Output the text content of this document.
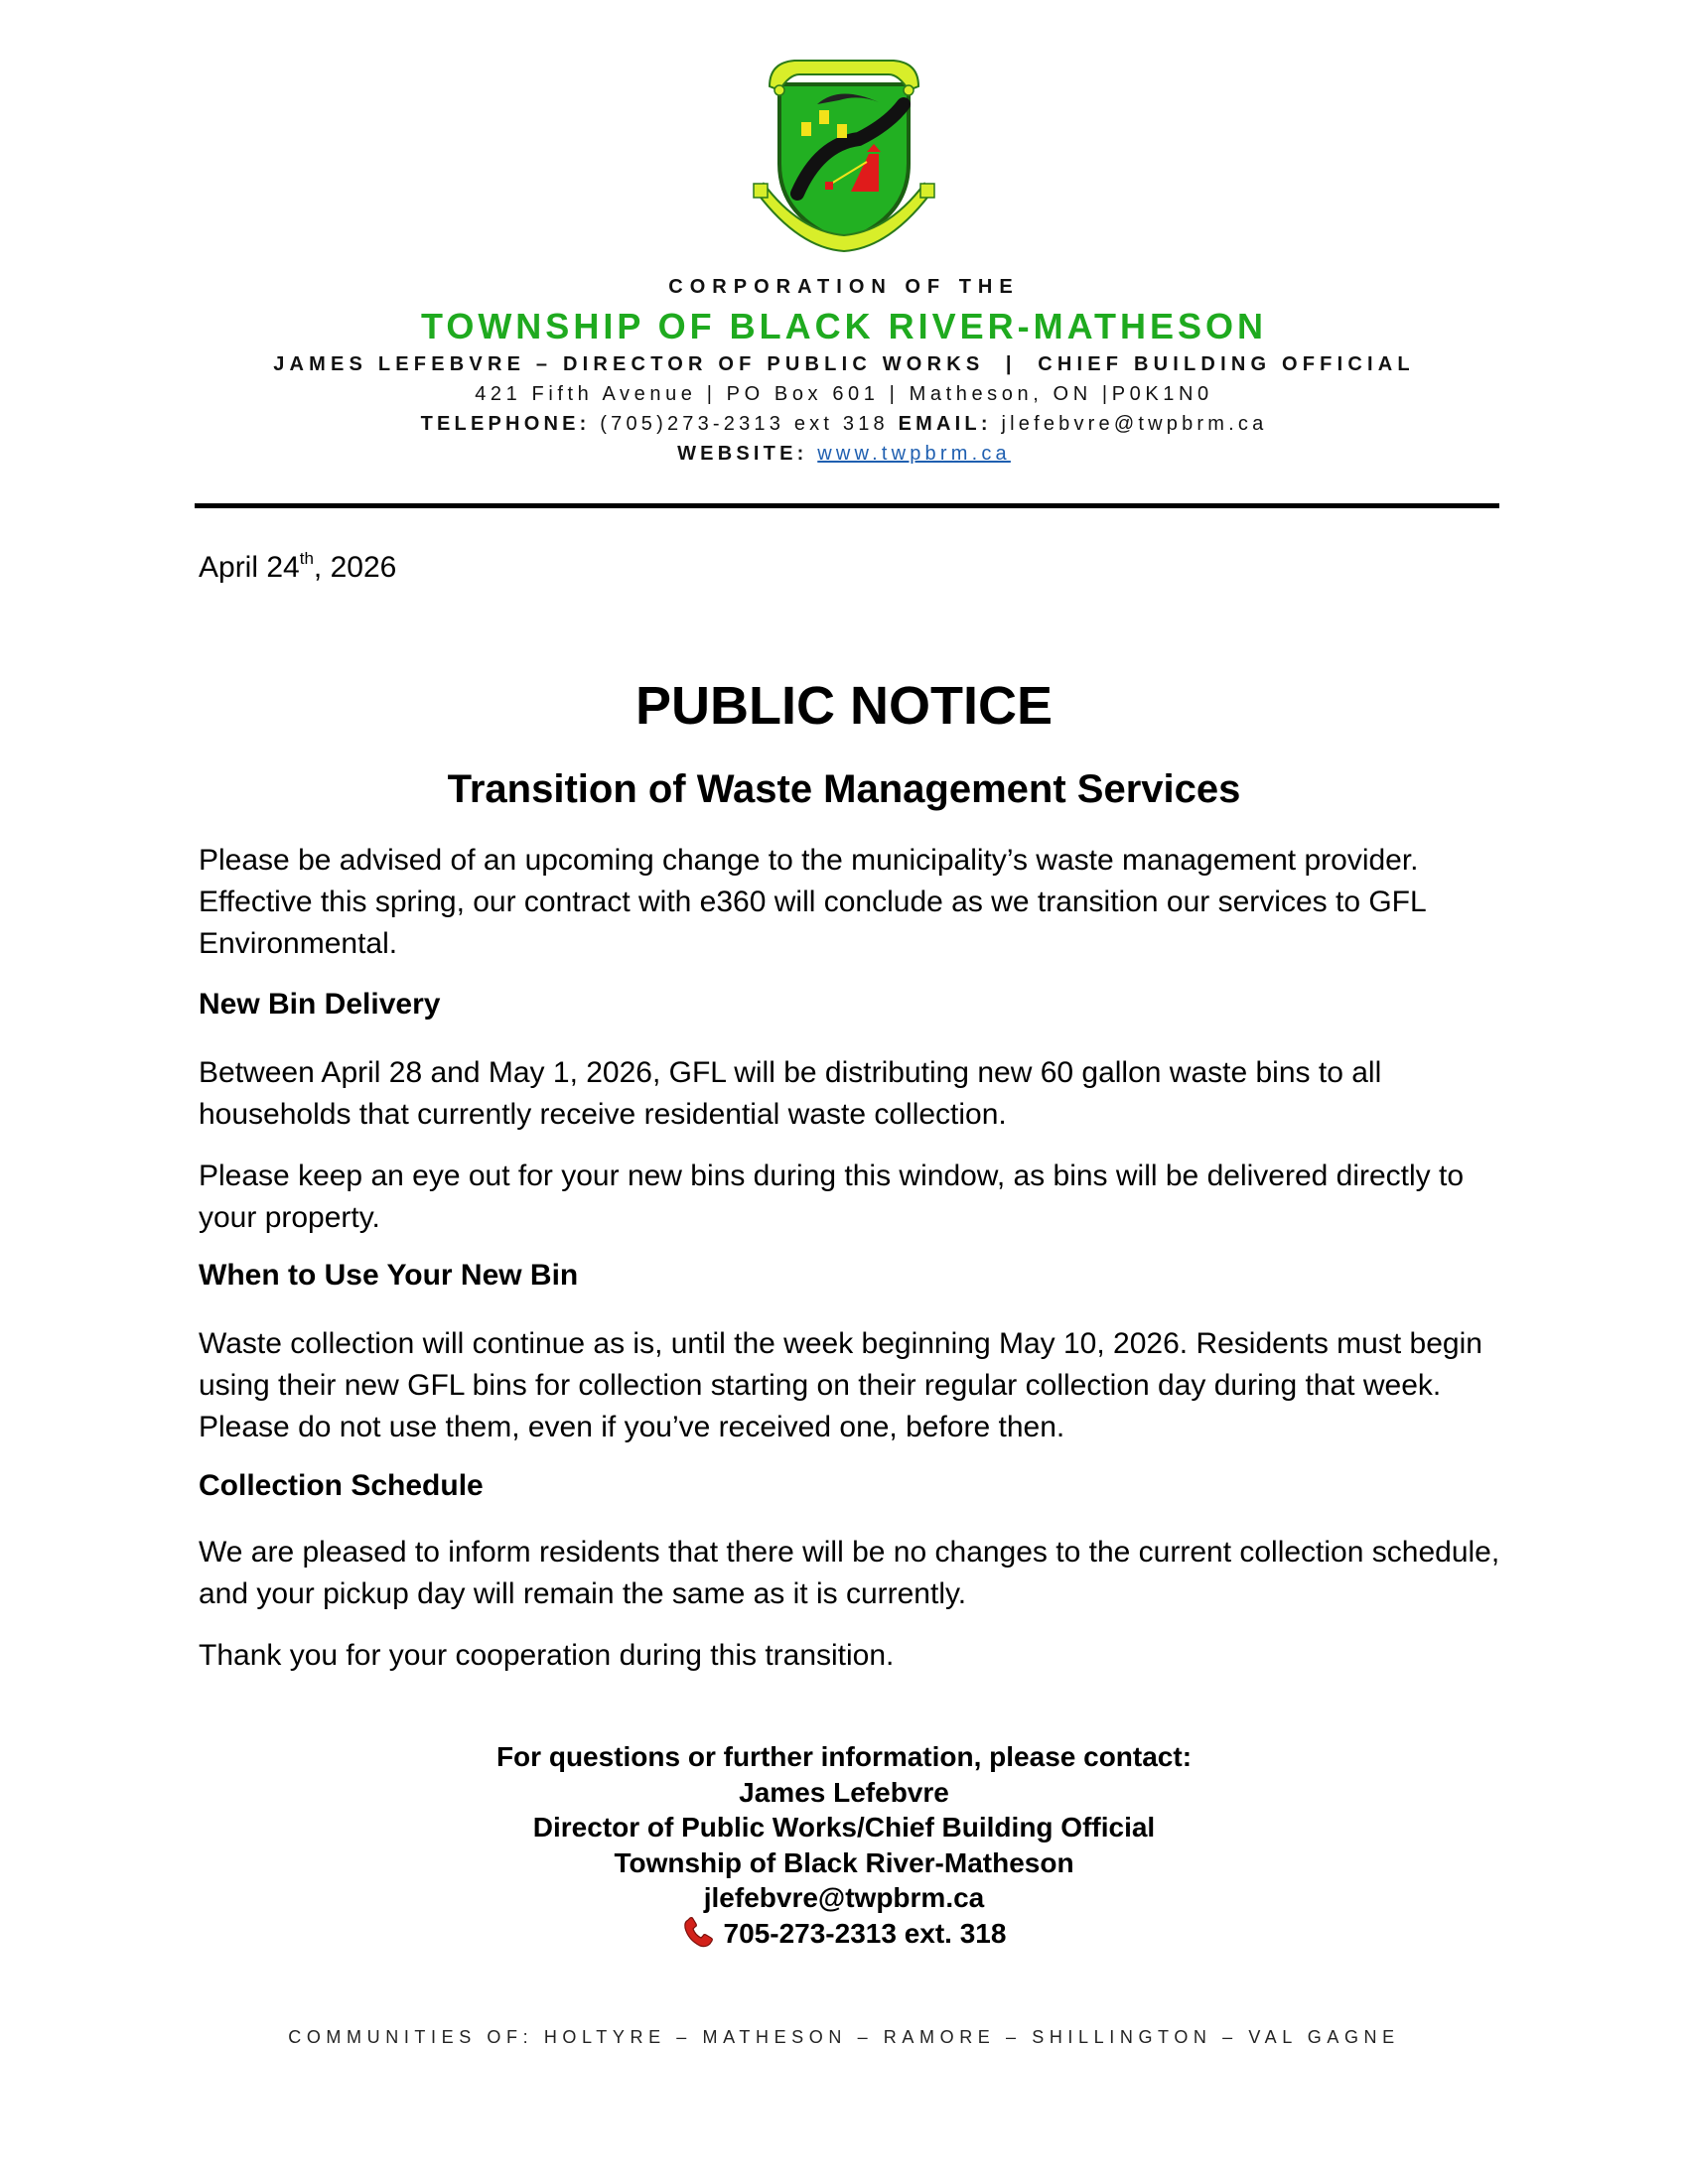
CORPORATION OF THE
TOWNSHIP OF BLACK RIVER-MATHESON
JAMES LEFEBVRE – DIRECTOR OF PUBLIC WORKS  |  CHIEF BUILDING OFFICIAL
421 Fifth Avenue | PO Box 601 | Matheson, ON |P0K1N0
TELEPHONE: (705)273-2313 ext 318 EMAIL: jlefebvre@twpbrm.ca
WEBSITE: www.twpbrm.ca
April 24th, 2026
PUBLIC NOTICE
Transition of Waste Management Services
Please be advised of an upcoming change to the municipality’s waste management provider. Effective this spring, our contract with e360 will conclude as we transition our services to GFL Environmental.
New Bin Delivery
Between April 28 and May 1, 2026, GFL will be distributing new 60 gallon waste bins to all households that currently receive residential waste collection.
Please keep an eye out for your new bins during this window, as bins will be delivered directly to your property.
When to Use Your New Bin
Waste collection will continue as is, until the week beginning May 10, 2026. Residents must begin using their new GFL bins for collection starting on their regular collection day during that week. Please do not use them, even if you’ve received one, before then.
Collection Schedule
We are pleased to inform residents that there will be no changes to the current collection schedule, and your pickup day will remain the same as it is currently.
Thank you for your cooperation during this transition.
For questions or further information, please contact:
James Lefebvre
Director of Public Works/Chief Building Official
Township of Black River-Matheson
jlefebvre@twpbrm.ca
705-273-2313 ext. 318
COMMUNITIES OF: HOLTYRE – MATHESON – RAMORE – SHILLINGTON – VAL GAGNE
